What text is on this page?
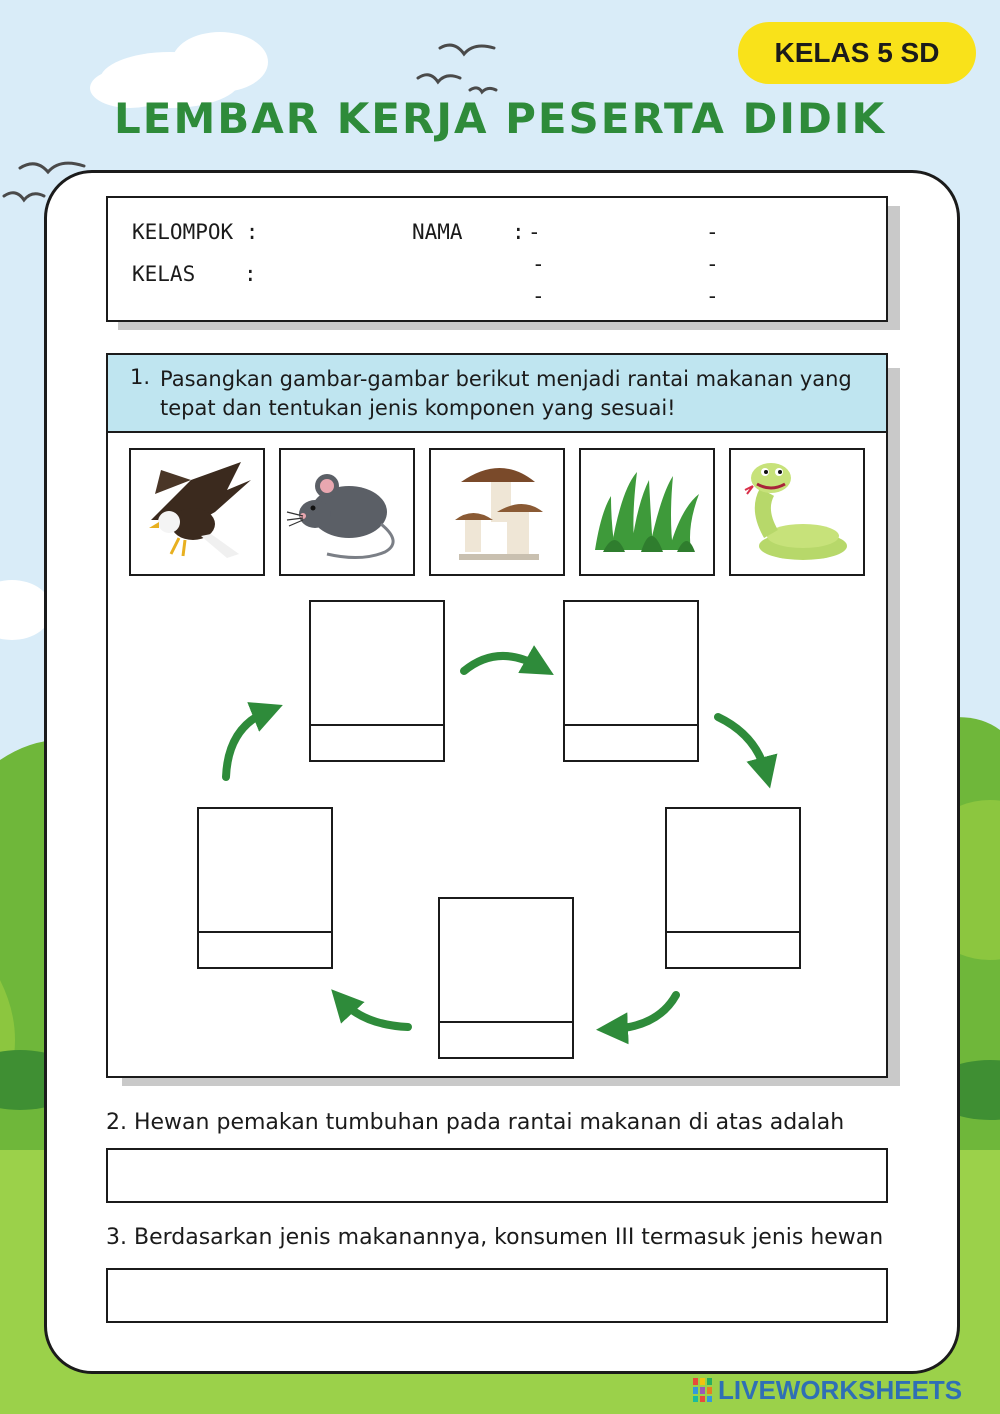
KELAS 5 SD
LEMBAR KERJA PESERTA DIDIK
KELOMPOK :
KELAS :
NAMA : -
-
-
-
-
-
1. Pasangkan gambar-gambar berikut menjadi rantai makanan yang tepat dan tentukan jenis komponen yang sesuai!
2. Hewan pemakan tumbuhan pada rantai makanan di atas adalah
3. Berdasarkan jenis makanannya, konsumen III termasuk jenis hewan
LIVEWORKSHEETS
